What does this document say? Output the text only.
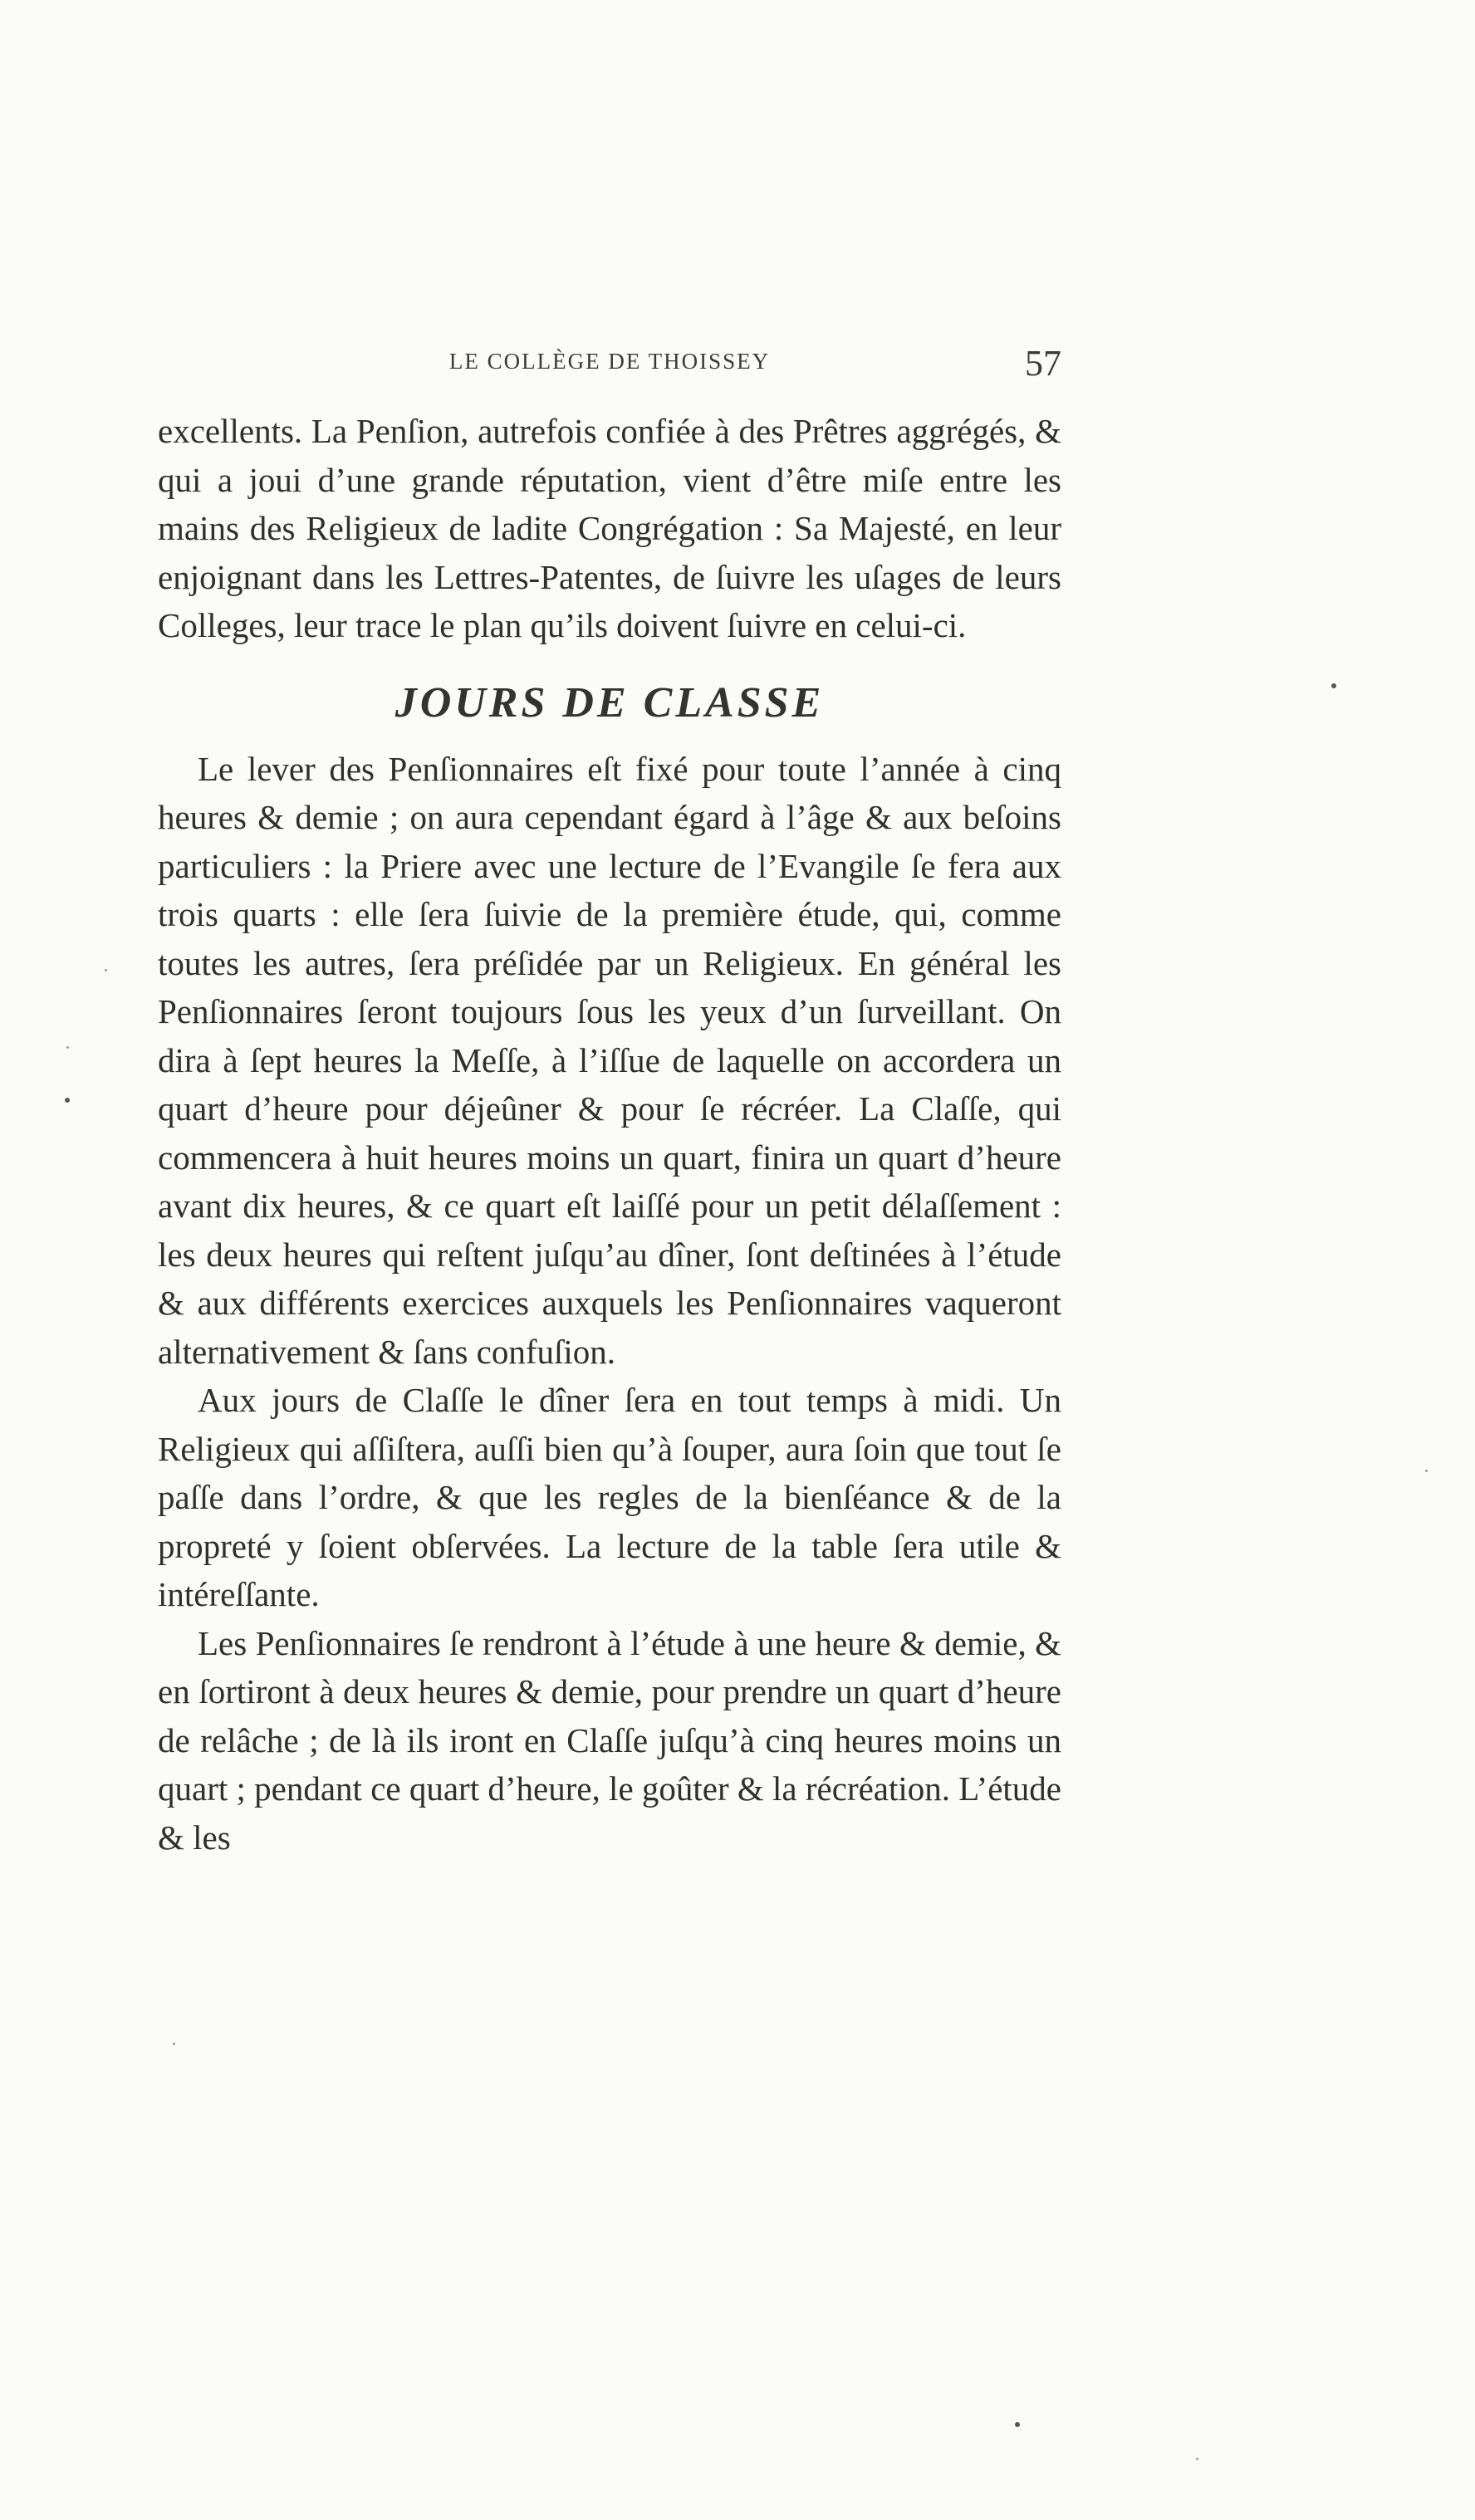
LE COLLÈGE DE THOISSEY	57

excellents. La Penſion, autrefois confiée à des Prêtres aggrégés, & qui a joui d’une grande réputation, vient d’être miſe entre les mains des Religieux de ladite Congrégation : Sa Majesté, en leur enjoignant dans les Lettres-Patentes, de ſuivre les uſages de leurs Colleges, leur trace le plan qu’ils doivent ſuivre en celui-ci.

JOURS DE CLASSE

Le lever des Penſionnaires eſt fixé pour toute l’année à cinq heures & demie ; on aura cependant égard à l’âge & aux beſoins particuliers : la Priere avec une lecture de l’Evangile ſe fera aux trois quarts : elle ſera ſuivie de la première étude, qui, comme toutes les autres, ſera préſidée par un Religieux. En général les Penſionnaires ſeront toujours ſous les yeux d’un ſurveillant. On dira à ſept heures la Meſſe, à l’iſſue de laquelle on accordera un quart d’heure pour déjeûner & pour ſe récréer. La Claſſe, qui commencera à huit heures moins un quart, finira un quart d’heure avant dix heures, & ce quart eſt laiſſé pour un petit délaſſement : les deux heures qui reſtent juſqu’au dîner, ſont deſtinées à l’étude & aux différents exercices auxquels les Penſionnaires vaqueront alternativement & ſans confuſion.

Aux jours de Claſſe le dîner ſera en tout temps à midi. Un Religieux qui aſſiſtera, auſſi bien qu’à ſouper, aura ſoin que tout ſe paſſe dans l’ordre, & que les regles de la bienſéance & de la propreté y ſoient obſervées. La lecture de la table ſera utile & intéreſſante.

Les Penſionnaires ſe rendront à l’étude à une heure & demie, & en ſortiront à deux heures & demie, pour prendre un quart d’heure de relâche ; de là ils iront en Claſſe juſqu’à cinq heures moins un quart ; pendant ce quart d’heure, le goûter & la récréation. L’étude & les
